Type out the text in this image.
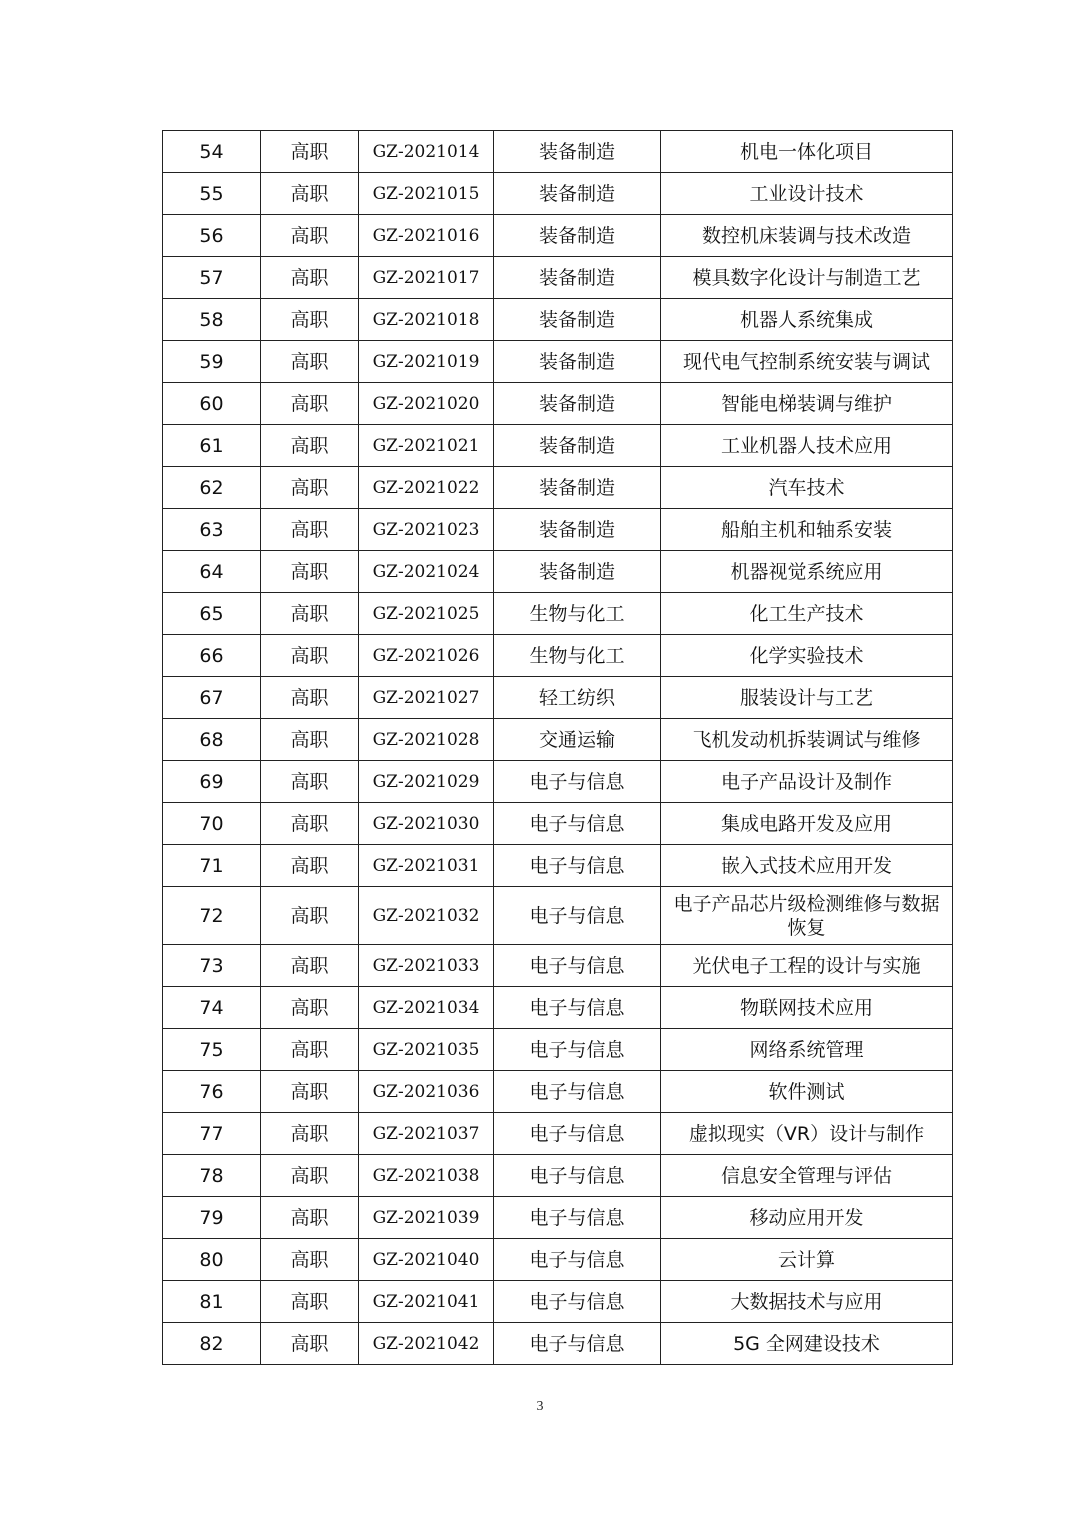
54	高职	GZ-2021014	装备制造	机电一体化项目
55	高职	GZ-2021015	装备制造	工业设计技术
56	高职	GZ-2021016	装备制造	数控机床装调与技术改造
57	高职	GZ-2021017	装备制造	模具数字化设计与制造工艺
58	高职	GZ-2021018	装备制造	机器人系统集成
59	高职	GZ-2021019	装备制造	现代电气控制系统安装与调试
60	高职	GZ-2021020	装备制造	智能电梯装调与维护
61	高职	GZ-2021021	装备制造	工业机器人技术应用
62	高职	GZ-2021022	装备制造	汽车技术
63	高职	GZ-2021023	装备制造	船舶主机和轴系安装
64	高职	GZ-2021024	装备制造	机器视觉系统应用
65	高职	GZ-2021025	生物与化工	化工生产技术
66	高职	GZ-2021026	生物与化工	化学实验技术
67	高职	GZ-2021027	轻工纺织	服装设计与工艺
68	高职	GZ-2021028	交通运输	飞机发动机拆装调试与维修
69	高职	GZ-2021029	电子与信息	电子产品设计及制作
70	高职	GZ-2021030	电子与信息	集成电路开发及应用
71	高职	GZ-2021031	电子与信息	嵌入式技术应用开发
72	高职	GZ-2021032	电子与信息	电子产品芯片级检测维修与数据恢复
73	高职	GZ-2021033	电子与信息	光伏电子工程的设计与实施
74	高职	GZ-2021034	电子与信息	物联网技术应用
75	高职	GZ-2021035	电子与信息	网络系统管理
76	高职	GZ-2021036	电子与信息	软件测试
77	高职	GZ-2021037	电子与信息	虚拟现实（VR）设计与制作
78	高职	GZ-2021038	电子与信息	信息安全管理与评估
79	高职	GZ-2021039	电子与信息	移动应用开发
80	高职	GZ-2021040	电子与信息	云计算
81	高职	GZ-2021041	电子与信息	大数据技术与应用
82	高职	GZ-2021042	电子与信息	5G 全网建设技术
3
